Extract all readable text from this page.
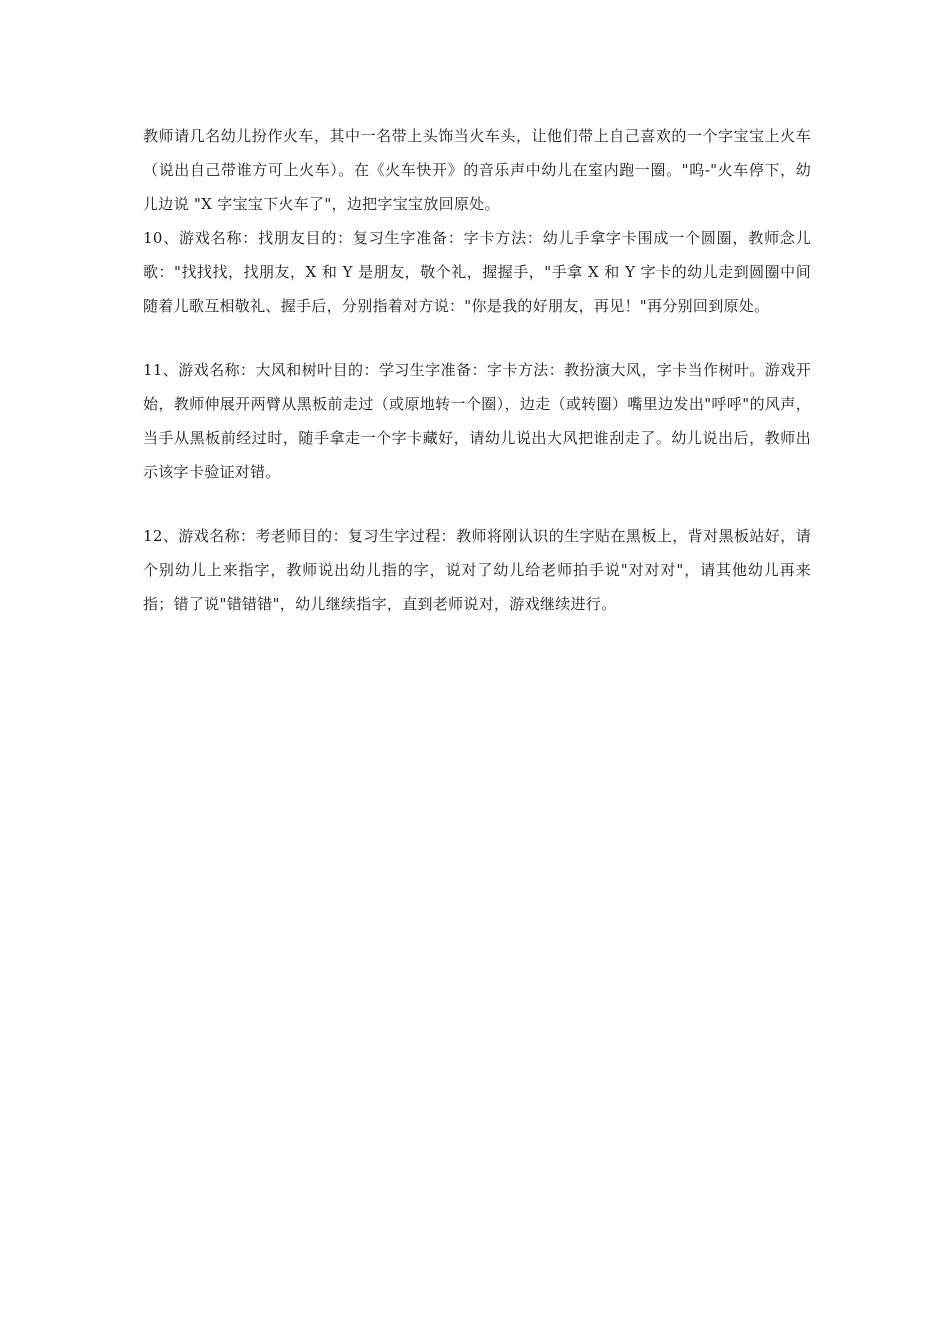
教师请几名幼儿扮作火车，其中一名带上头饰当火车头，让他们带上自己喜欢的一个字宝宝上火车（说出自己带谁方可上火车）。在《火车快开》的音乐声中幼儿在室内跑一圈。"呜-"火车停下，幼儿边说 "X 字宝宝下火车了"，边把字宝宝放回原处。

10、游戏名称：找朋友目的：复习生字准备：字卡方法：幼儿手拿字卡围成一个圆圈，教师念儿歌："找找找，找朋友，X 和 Y 是朋友，敬个礼，握握手，"手拿 X 和 Y 字卡的幼儿走到圆圈中间随着儿歌互相敬礼、握手后，分别指着对方说："你是我的好朋友，再见！"再分别回到原处。

11、游戏名称：大风和树叶目的：学习生字准备：字卡方法：教扮演大风，字卡当作树叶。游戏开始，教师伸展开两臂从黑板前走过（或原地转一个圈），边走（或转圈）嘴里边发出"呼呼"的风声，当手从黑板前经过时，随手拿走一个字卡藏好，请幼儿说出大风把谁刮走了。幼儿说出后，教师出示该字卡验证对错。

12、游戏名称：考老师目的：复习生字过程：教师将刚认识的生字贴在黑板上，背对黑板站好，请个别幼儿上来指字，教师说出幼儿指的字，说对了幼儿给老师拍手说"对对对"，请其他幼儿再来指；错了说"错错错"，幼儿继续指字，直到老师说对，游戏继续进行。
